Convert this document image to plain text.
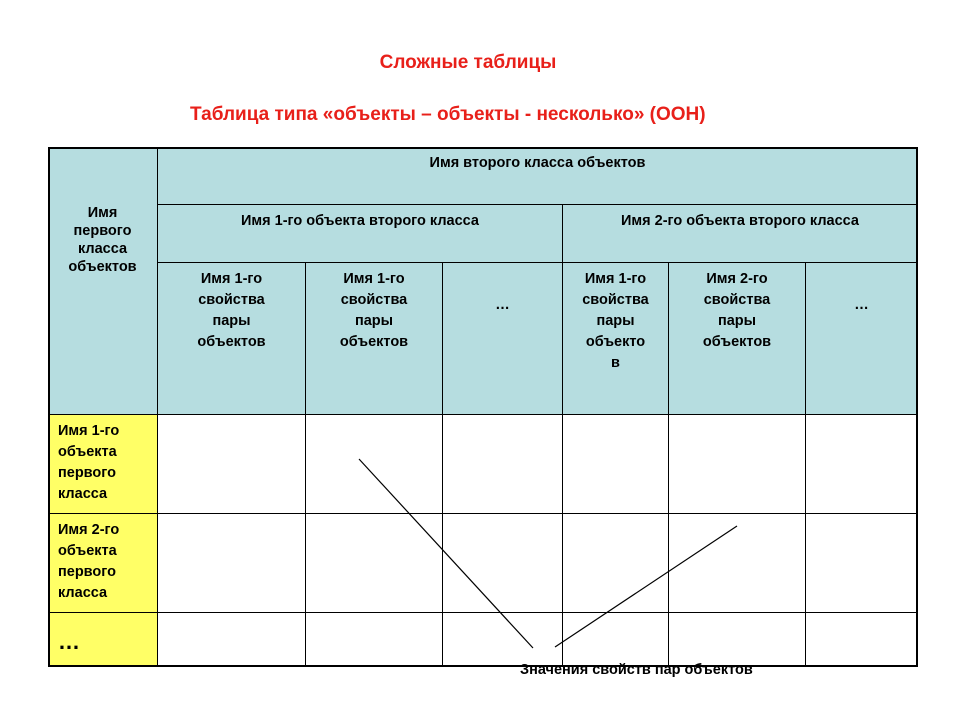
Сложные таблицы
Таблица типа «объекты – объекты - несколько» (ООН)
Имя
первого
класса
объектов
Имя второго класса объектов
Имя 1-го объекта второго класса	Имя 2-го объекта второго класса
Имя 1-го
свойства
пары
объектов
Имя 1-го
свойства
пары
объектов
…
Имя 1-го
свойства
пары
объекто
в
Имя 2-го
свойства
пары
объектов
…
Имя 1-го
объекта
первого
класса
Имя 2-го
объекта
первого
класса
…
Значения свойств пар объектов
